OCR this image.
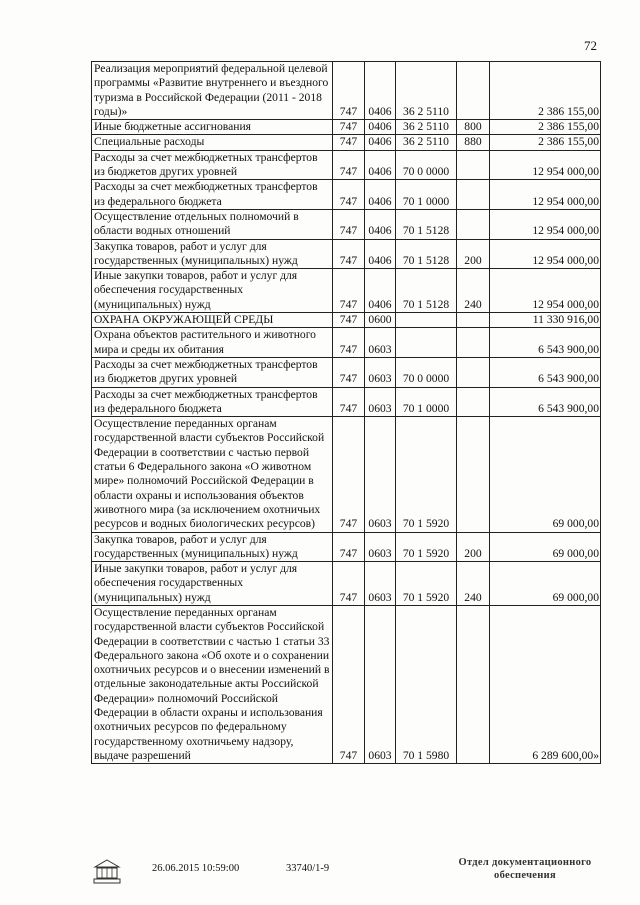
72
Реализация мероприятий федеральной целевой программы «Развитие внутреннего и въездного туризма в Российской Федерации (2011 - 2018 годы)»	747	0406	36 2 5110		2 386 155,00
Иные бюджетные ассигнования	747	0406	36 2 5110	800	2 386 155,00
Специальные расходы	747	0406	36 2 5110	880	2 386 155,00
Расходы за счет межбюджетных трансфертов из бюджетов других уровней	747	0406	70 0 0000		12 954 000,00
Расходы за счет межбюджетных трансфертов из федерального бюджета	747	0406	70 1 0000		12 954 000,00
Осуществление отдельных полномочий в области водных отношений	747	0406	70 1 5128		12 954 000,00
Закупка товаров, работ и услуг для государственных (муниципальных) нужд	747	0406	70 1 5128	200	12 954 000,00
Иные закупки товаров, работ и услуг для обеспечения государственных (муниципальных) нужд	747	0406	70 1 5128	240	12 954 000,00
ОХРАНА ОКРУЖАЮЩЕЙ СРЕДЫ	747	0600			11 330 916,00
Охрана объектов растительного и животного мира и среды их обитания	747	0603			6 543 900,00
Расходы за счет межбюджетных трансфертов из бюджетов других уровней	747	0603	70 0 0000		6 543 900,00
Расходы за счет межбюджетных трансфертов из федерального бюджета	747	0603	70 1 0000		6 543 900,00
Осуществление переданных органам государственной власти субъектов Российской Федерации в соответствии с частью первой статьи 6 Федерального закона «О животном мире» полномочий Российской Федерации в области охраны и использования объектов животного мира (за исключением охотничьих ресурсов и водных биологических ресурсов)	747	0603	70 1 5920		69 000,00
Закупка товаров, работ и услуг для государственных (муниципальных) нужд	747	0603	70 1 5920	200	69 000,00
Иные закупки товаров, работ и услуг для обеспечения государственных (муниципальных) нужд	747	0603	70 1 5920	240	69 000,00
Осуществление переданных органам государственной власти субъектов Российской Федерации в соответствии с частью 1 статьи 33 Федерального закона «Об охоте и о сохранении охотничьих ресурсов и о внесении изменений в отдельные законодательные акты Российской Федерации» полномочий Российской Федерации в области охраны и использования охотничьих ресурсов по федеральному государственному охотничьему надзору, выдаче разрешений	747	0603	70 1 5980		6 289 600,00»
26.06.2015 10:59:00	33740/1-9
Отдел документационного
обеспечения
